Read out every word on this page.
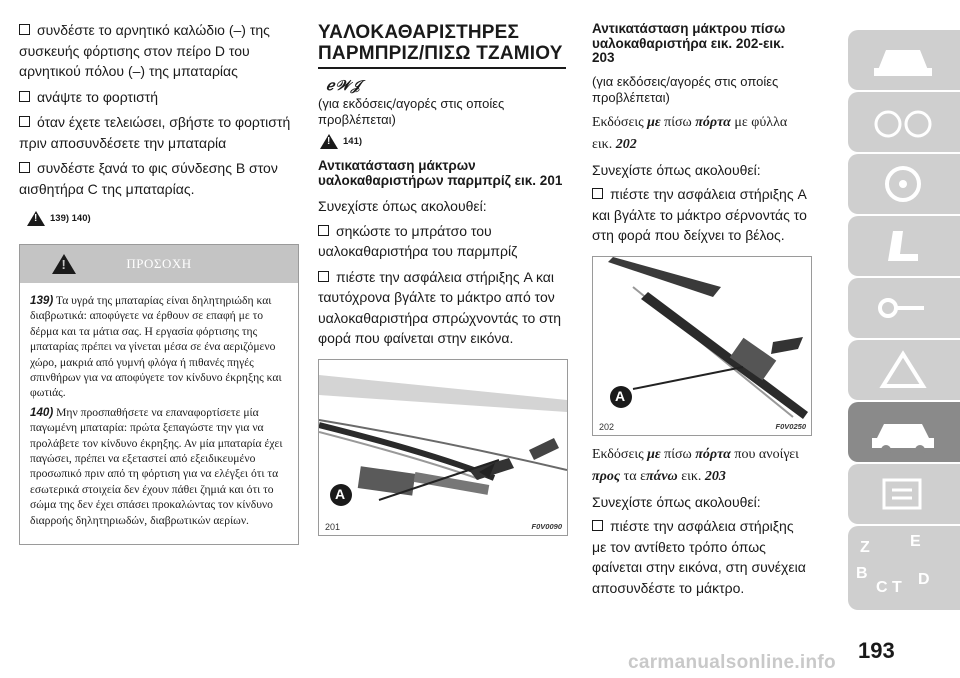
συνδέστε το αρνητικό καλώδιο (–) της συσκευής φόρτισης στον πείρο D του αρνητικού πόλου (–) της μπαταρίας

ανάψτε το φορτιστή

όταν έχετε τελειώσει, σβήστε το φορτιστή πριν αποσυνδέσετε την μπαταρία

συνδέστε ξανά το φις σύνδεσης B στον αισθητήρα C της μπαταρίας.

!
139) 140)
!
ΠΡΟΣΟΧΗ

139) Τα υγρά της μπαταρίας είναι δηλητηριώδη και διαβρωτικά: αποφύγετε να έρθουν σε επαφή με το δέρμα και τα μάτια σας. Η εργασία φόρτισης της μπαταρίας πρέπει να γίνεται μέσα σε ένα αεριζόμενο χώρο, μακριά από γυμνή φλόγα ή πιθανές πηγές σπινθήρων για να αποφύγετε τον κίνδυνο έκρηξης και φωτιάς.

140) Μην προσπαθήσετε να επαναφορτίσετε μία παγωμένη μπαταρία: πρώτα ξεπαγώστε την για να προλάβετε τον κίνδυνο έκρηξης. Αν μία μπαταρία έχει παγώσει, πρέπει να εξεταστεί από εξειδικευμένο προσωπικό πριν από τη φόρτιση για να ελέγξει ότι τα εσωτερικά στοιχεία δεν έχουν πάθει ζημιά και ότι το σώμα της δεν έχει σπάσει προκαλώντας τον κίνδυνο διαρροής δηλητηριωδών, διαβρωτικών αερίων.

ΥΑΛΟΚΑΘΑΡΙΣΤΗΡΕΣ ΠΑΡΜΠΡΙΖ/ΠΙΣΩ ΤΖΑΜΙΟΥ
ℯ𝒲𝒥

(για εκδόσεις/αγορές στις οποίες προβλέπεται)

!
141)

Αντικατάσταση μάκτρων υαλοκαθαριστήρων παρμπρίζ εικ. 201

Συνεχίστε όπως ακολουθεί:

σηκώστε το μπράτσο του υαλοκαθαριστήρα του παρμπρίζ

πιέστε την ασφάλεια στήριξης A και ταυτόχρονα βγάλτε το μάκτρο από τον υαλοκαθαριστήρα σπρώχνοντάς το στη φορά που φαίνεται στην εικόνα.

A
201	F0V0090

Αντικατάσταση μάκτρου πίσω υαλοκαθαριστήρα εικ. 202-εικ. 203

(για εκδόσεις/αγορές στις οποίες προβλέπεται)

Εκδόσεις με πίσω πόρτα με φύλλα
εικ. 202

Συνεχίστε όπως ακολουθεί:

πιέστε την ασφάλεια στήριξης A και βγάλτε το μάκτρο σέρνοντάς το στη φορά που δείχνει το βέλος.

A
202	F0V0250

Εκδόσεις με πίσω πόρτα που ανοίγει
προς τα επάνω εικ. 203

Συνεχίστε όπως ακολουθεί:

πιέστε την ασφάλεια στήριξης με τον αντίθετο τρόπο όπως φαίνεται στην εικόνα, στη συνέχεια αποσυνδέστε το μάκτρο.

Z	E
B
C T D
193
carmanualsonline.info
